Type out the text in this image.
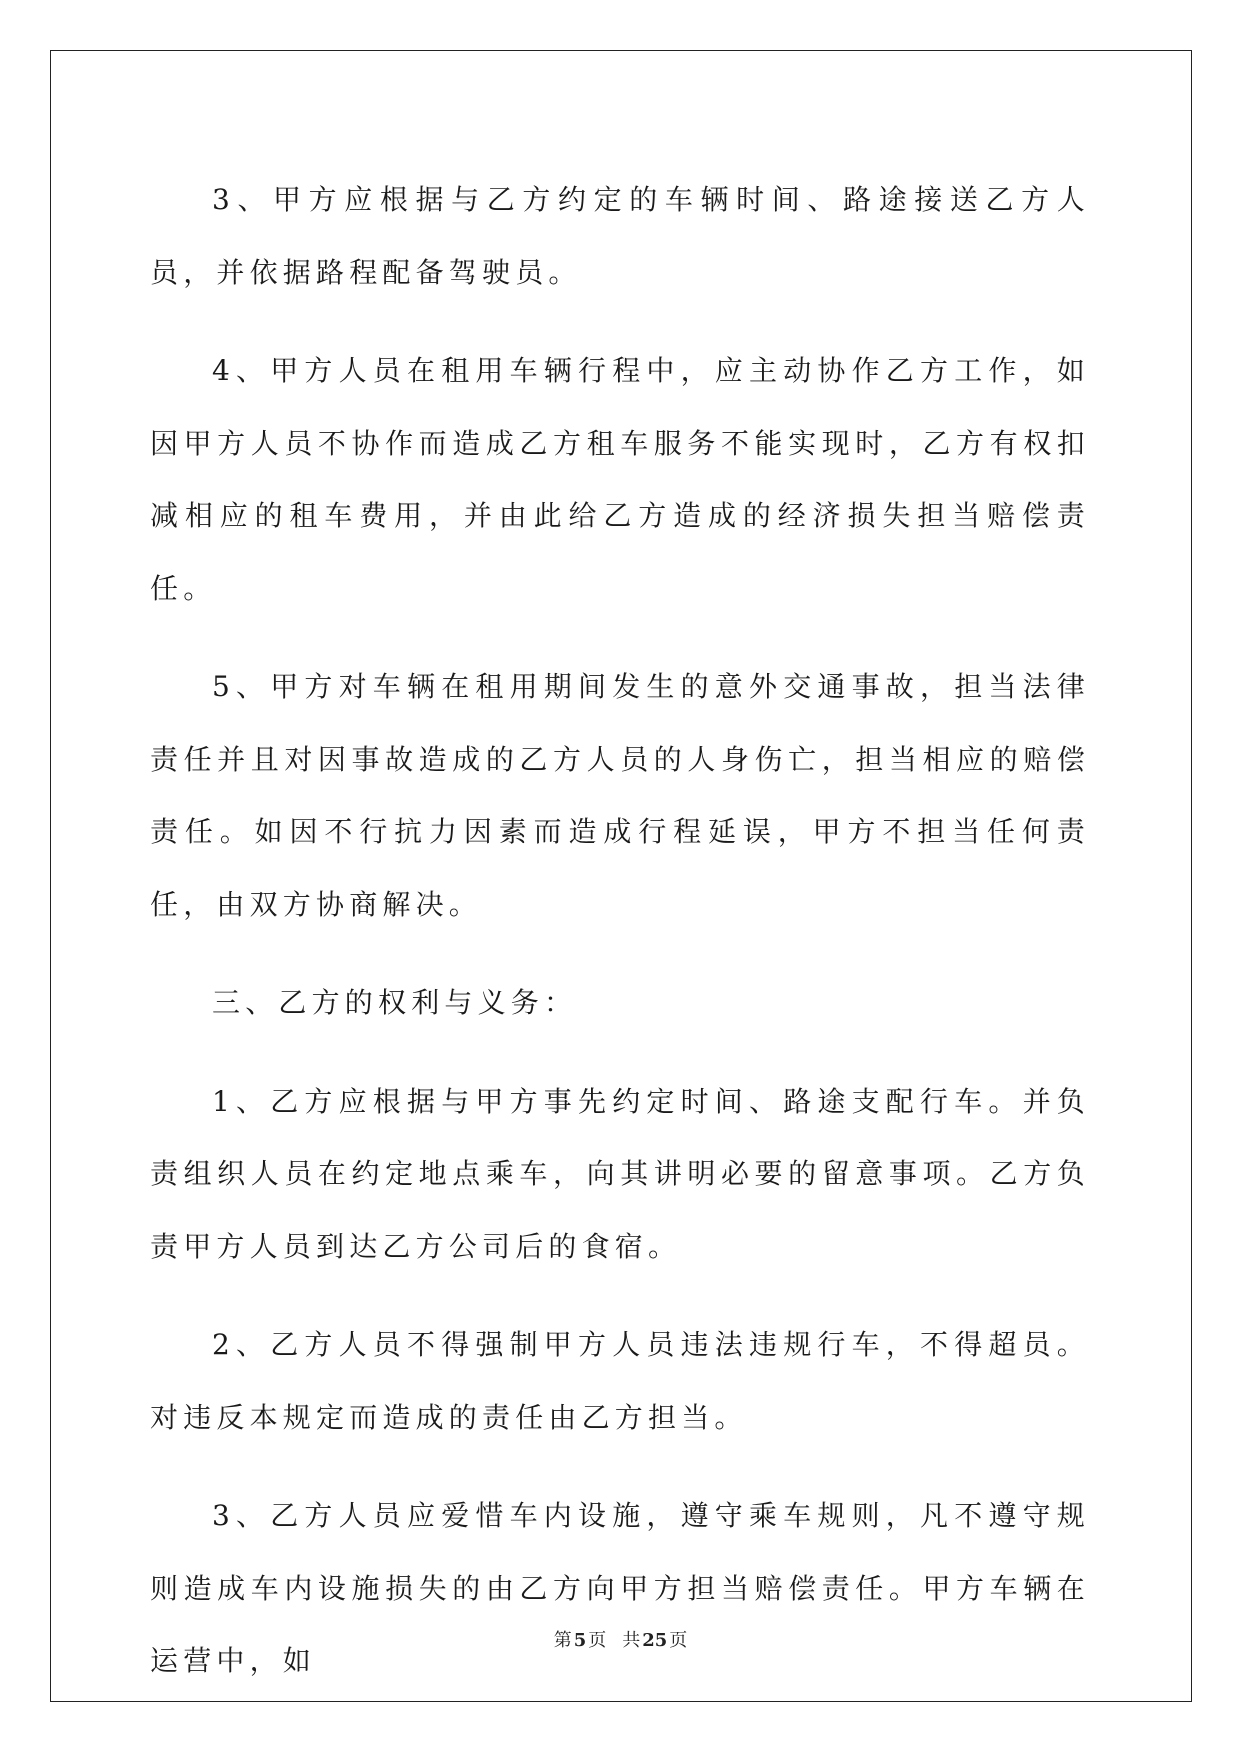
3、甲方应根据与乙方约定的车辆时间、路途接送乙方人员，并依据路程配备驾驶员。

4、甲方人员在租用车辆行程中，应主动协作乙方工作，如因甲方人员不协作而造成乙方租车服务不能实现时，乙方有权扣减相应的租车费用，并由此给乙方造成的经济损失担当赔偿责任。

5、甲方对车辆在租用期间发生的意外交通事故，担当法律责任并且对因事故造成的乙方人员的人身伤亡，担当相应的赔偿责任。如因不行抗力因素而造成行程延误，甲方不担当任何责任，由双方协商解决。

三、乙方的权利与义务：

1、乙方应根据与甲方事先约定时间、路途支配行车。并负责组织人员在约定地点乘车，向其讲明必要的留意事项。乙方负责甲方人员到达乙方公司后的食宿。

2、乙方人员不得强制甲方人员违法违规行车，不得超员。对违反本规定而造成的责任由乙方担当。

3、乙方人员应爱惜车内设施，遵守乘车规则，凡不遵守规则造成车内设施损失的由乙方向甲方担当赔偿责任。甲方车辆在运营中，如

第 5 页 共 25 页
